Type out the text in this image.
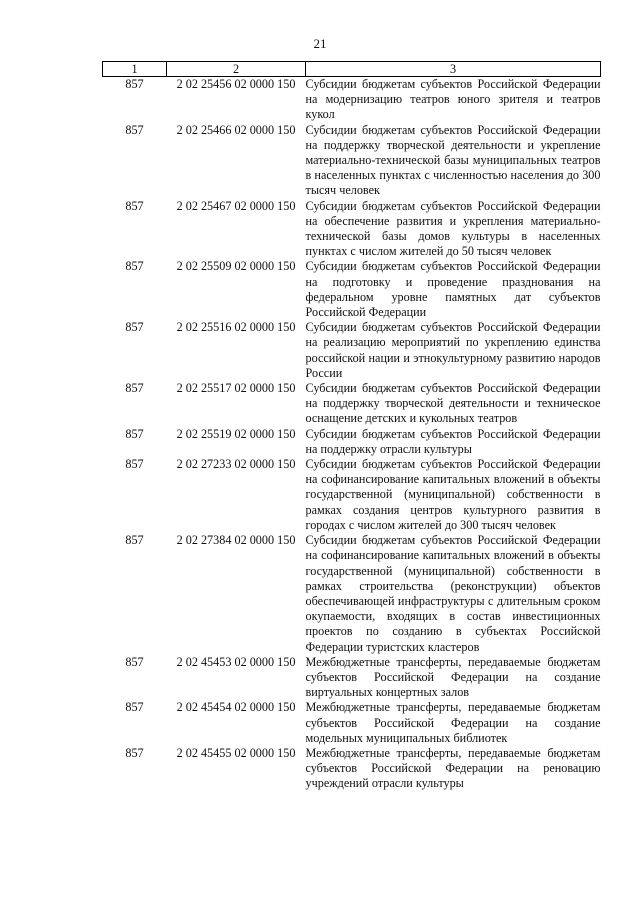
21
1	2	3
857	2 02 25456 02 0000 150	Субсидии бюджетам субъектов Российской Федерации на модернизацию театров юного зрителя и театров кукол
857	2 02 25466 02 0000 150	Субсидии бюджетам субъектов Российской Федерации на поддержку творческой деятельности и укрепление материально-технической базы муниципальных театров в населенных пунктах с численностью населения до 300 тысяч человек
857	2 02 25467 02 0000 150	Субсидии бюджетам субъектов Российской Федерации на обеспечение развития и укрепления материально-технической базы домов культуры в населенных пунктах с числом жителей до 50 тысяч человек
857	2 02 25509 02 0000 150	Субсидии бюджетам субъектов Российской Федерации на подготовку и проведение празднования на федеральном уровне памятных дат субъектов Российской Федерации
857	2 02 25516 02 0000 150	Субсидии бюджетам субъектов Российской Федерации на реализацию мероприятий по укреплению единства российской нации и этнокультурному развитию народов России
857	2 02 25517 02 0000 150	Субсидии бюджетам субъектов Российской Федерации на поддержку творческой деятельности и техническое оснащение детских и кукольных театров
857	2 02 25519 02 0000 150	Субсидии бюджетам субъектов Российской Федерации на поддержку отрасли культуры
857	2 02 27233 02 0000 150	Субсидии бюджетам субъектов Российской Федерации на софинансирование капитальных вложений в объекты государственной (муниципальной) собственности в рамках создания центров культурного развития в городах с числом жителей до 300 тысяч человек
857	2 02 27384 02 0000 150	Субсидии бюджетам субъектов Российской Федерации на софинансирование капитальных вложений в объекты государственной (муниципальной) собственности в рамках строительства (реконструкции) объектов обеспечивающей инфраструктуры с длительным сроком окупаемости, входящих в состав инвестиционных проектов по созданию в субъектах Российской Федерации туристских кластеров
857	2 02 45453 02 0000 150	Межбюджетные трансферты, передаваемые бюджетам субъектов Российской Федерации на создание виртуальных концертных залов
857	2 02 45454 02 0000 150	Межбюджетные трансферты, передаваемые бюджетам субъектов Российской Федерации на создание модельных муниципальных библиотек
857	2 02 45455 02 0000 150	Межбюджетные трансферты, передаваемые бюджетам субъектов Российской Федерации на реновацию учреждений отрасли культуры
